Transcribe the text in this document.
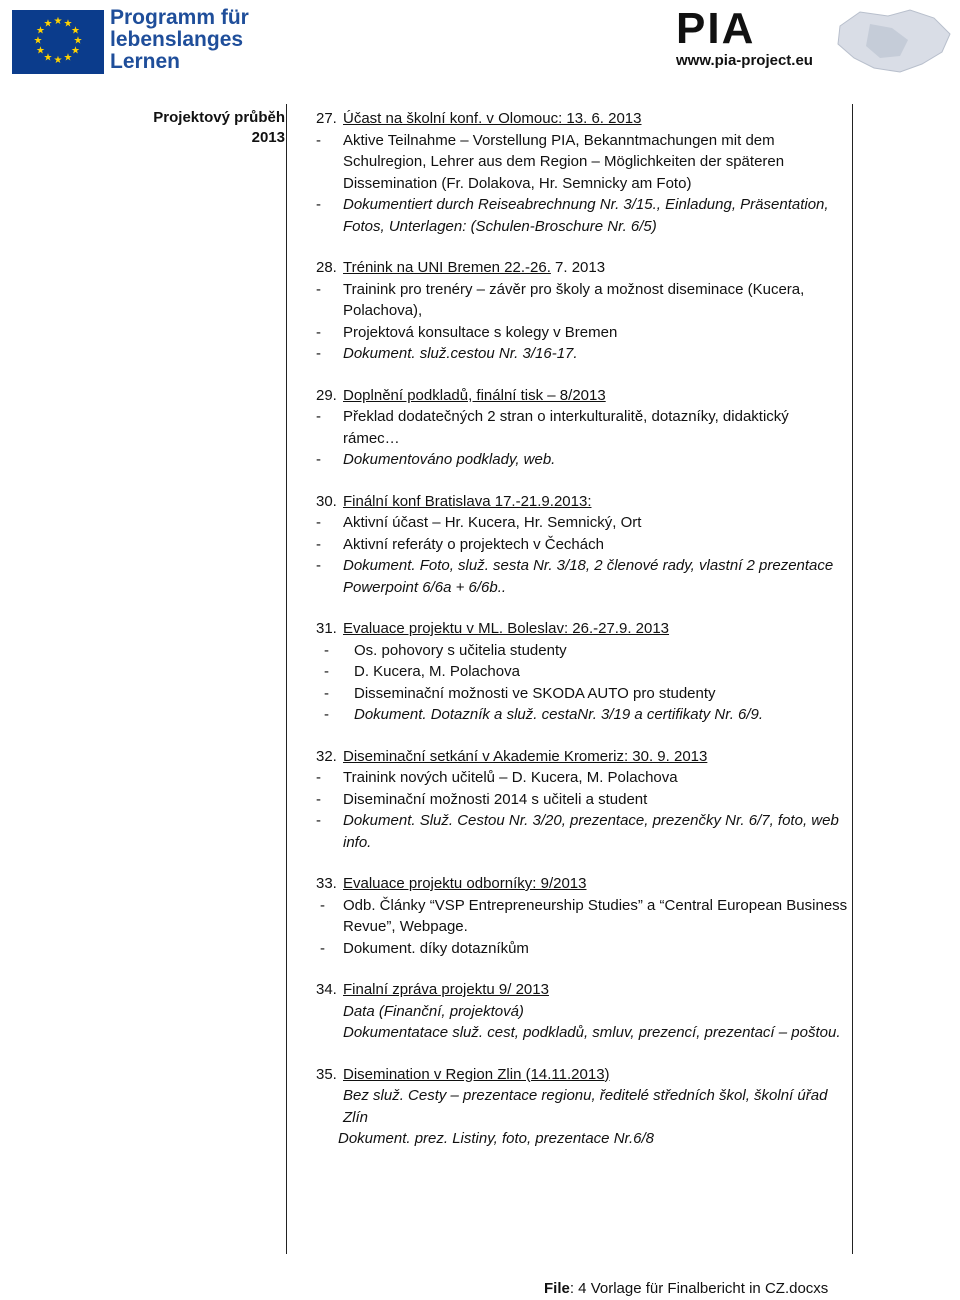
★ ★
★
★
★
★
★
★
★
★
★
★	Programm für
lebenslanges
Lernen
PIA
www.pia-project.eu
Projektový průběh 2013
27. Účast na školní konf. v Olomouc: 13. 6. 2013
- Aktive Teilnahme – Vorstellung PIA, Bekanntmachungen mit dem Schulregion, Lehrer aus dem Region – Möglichkeiten der späteren Dissemination (Fr. Dolakova, Hr. Semnicky am Foto)
- Dokumentiert durch Reiseabrechnung Nr. 3/15., Einladung, Präsentation, Fotos, Unterlagen: (Schulen-Broschure Nr. 6/5)
28. Trénink na UNI Bremen 22.-26. 7. 2013
- Trainink pro trenéry – závěr pro školy a možnost diseminace (Kucera, Polachova),
- Projektová konsultace s kolegy v Bremen
- Dokument. služ.cestou Nr. 3/16-17.
29. Doplnění podkladů, finální tisk – 8/2013
- Překlad dodatečných 2 stran o interkulturalitě, dotazníky, didaktický rámec…
- Dokumentováno podklady, web.
30. Finální konf Bratislava 17.-21.9.2013:
- Aktivní účast – Hr. Kucera, Hr. Semnický, Ort
- Aktivní referáty o projektech v Čechách
- Dokument. Foto, služ. sesta Nr. 3/18, 2 členové rady, vlastní 2 prezentace Powerpoint 6/6a + 6/6b..
31. Evaluace projektu v ML. Boleslav: 26.-27.9. 2013
- Os. pohovory s učitelia studenty
- D. Kucera, M. Polachova
- Disseminační možnosti ve SKODA AUTO pro studenty
- Dokument. Dotazník a služ. cestaNr. 3/19 a certifikaty Nr. 6/9.
32. Diseminační setkání v Akademie Kromeriz: 30. 9. 2013
- Trainink nových učitelů – D. Kucera, M. Polachova
- Diseminační možnosti 2014 s učiteli a student
- Dokument. Služ. Cestou Nr. 3/20, prezentace, prezenčky Nr. 6/7, foto, web info.
33. Evaluace projektu odborníky: 9/2013
- Odb. Články “VSP Entrepreneurship Studies” a “Central European Business Revue”, Webpage.
- Dokument. díky dotazníkům
34. Finalní zpráva projektu 9/ 2013
Data (Finanční, projektová)
Dokumentatace služ. cest, podkladů, smluv, prezencí, prezentací – poštou.
35. Disemination v Region Zlin (14.11.2013)
Bez služ. Cesty – prezentace regionu, ředitelé středních škol, školní úřad Zlín
Dokument. prez. Listiny, foto, prezentace Nr.6/8
File: 4 Vorlage für Finalbericht in CZ.docxs
